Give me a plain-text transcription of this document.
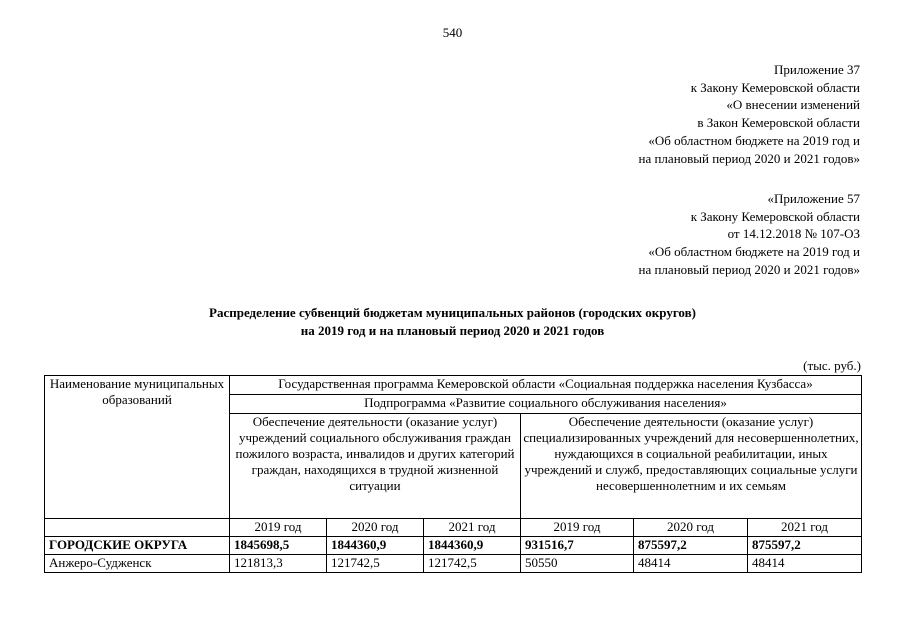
540
Приложение 37
к Закону Кемеровской области
«О внесении изменений
в Закон Кемеровской области
«Об областном бюджете на 2019 год и
на плановый период 2020 и 2021 годов»
«Приложение 57
к Закону Кемеровской области
от 14.12.2018 № 107-ОЗ
«Об областном бюджете на 2019 год и
на плановый период 2020 и 2021 годов»
Распределение субвенций бюджетам муниципальных районов (городских округов)
на 2019 год и на плановый период 2020 и 2021 годов
(тыс. руб.)
Наименование муниципальных образований	Государственная программа Кемеровской области «Социальная поддержка населения Кузбасса»					
	Подпрограмма «Развитие социального обслуживания населения»					
	Обеспечение деятельности (оказание услуг) учреждений социального обслуживания граждан пожилого возраста, инвалидов и других категорий граждан, находящихся в трудной жизненной ситуации			Обеспечение деятельности (оказание услуг) специализированных учреждений для несовершеннолетних, нуждающихся в социальной реабилитации, иных учреждений и служб, предоставляющих социальные услуги несовершеннолетним и их семьям		
	2019 год	2020 год	2021 год	2019 год	2020 год	2021 год
ГОРОДСКИЕ ОКРУГА	1845698,5	1844360,9	1844360,9	931516,7	875597,2	875597,2
Анжеро-Судженск	121813,3	121742,5	121742,5	50550	48414	48414
